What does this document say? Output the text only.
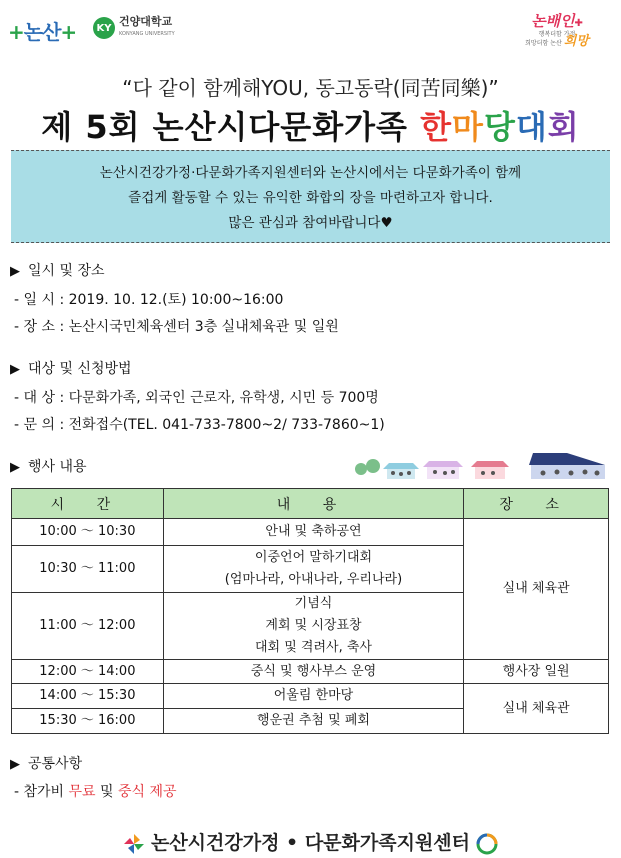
+논산+	KY 건양대학교
KONYANG UNIVERSITY
논배인✚
행복더함 가정
희망더함 논산 희망
“다 같이 함께해YOU, 동고동락(同苦同樂)”
제 5회 논산시다문화가족 한마당대회
논산시건강가정·다문화가족지원센터와 논산시에서는 다문화가족이 함께
즐겁게 활동할 수 있는 유익한 화합의 장을 마련하고자 합니다.
많은 관심과 참여바랍니다♥
▶ 일시 및 장소
- 일 시 : 2019. 10. 12.(토) 10:00~16:00
- 장 소 : 논산시국민체육센터 3층 실내체육관 및 일원
▶ 대상 및 신청방법
- 대 상 : 다문화가족, 외국인 근로자, 유학생, 시민 등 700명
- 문 의 : 전화접수(TEL. 041-733-7800~2/ 733-7860~1)
▶ 행사 내용
시 간	내 용	장 소
10:00 ～ 10:30	안내 및 축하공연	실내 체육관
10:30 ～ 11:00	이중언어 말하기대회
(엄마나라, 아내나라, 우리나라)	

11:00 ～ 12:00	기념식
계회 및 시장표창
대회 및 격려사, 축사	

12:00 ～ 14:00	중식 및 행사부스 운영	행사장 일원
14:00 ～ 15:30	어울림 한마당	실내 체육관
15:30 ～ 16:00	행운권 추첨 및 폐회	
▶ 공통사항
- 참가비 무료 및 중식 제공
논산시건강가정 • 다문화가족지원센터
